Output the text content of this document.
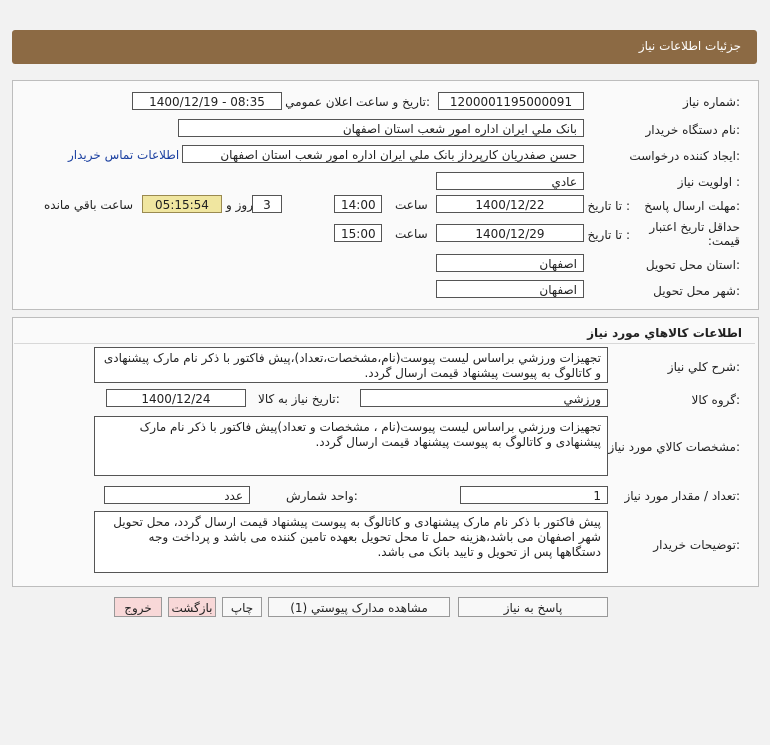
جزئيات اطلاعات نياز
شماره نياز:
1200001195000091
تاريخ و ساعت اعلان عمومي:
1400/12/19 - 08:35
نام دستگاه خريدار:
بانک ملي ايران اداره امور شعب استان اصفهان
ايجاد کننده درخواست:
حسن صفدريان کارپرداز بانک ملي ايران اداره امور شعب استان اصفهان
اطلاعات تماس خريدار
اولويت نياز :
عادي
مهلت ارسال پاسخ:
تا تاريخ :
1400/12/22
ساعت
14:00
3
روز و
05:15:54
ساعت باقي مانده
حداقل تاريخ اعتبار قيمت:
تا تاريخ :
1400/12/29
ساعت
15:00
استان محل تحويل:
اصفهان
شهر محل تحويل:
اصفهان
اطلاعات کالاهاي مورد نياز
شرح کلي نياز:
تجهيزات ورزشي براساس ليست پيوست(نام،مشخصات،تعداد)،پيش فاکتور با ذکر نام مارک پيشنهادی و کاتالوگ به پيوست پيشنهاد قيمت ارسال گردد.
گروه کالا:
ورزشي
تاريخ نياز به کالا:
1400/12/24
مشخصات کالاي مورد نياز:
تجهيزات ورزشي براساس ليست پيوست(نام ، مشخصات و تعداد)پيش فاکتور با ذکر نام مارک پيشنهادی و کاتالوگ به پيوست پيشنهاد قيمت ارسال گردد.
تعداد / مقدار مورد نياز:
1
واحد شمارش:
عدد
توضيحات خريدار:
پيش فاکتور با ذکر نام مارک پيشنهادی و کاتالوگ به پيوست پيشنهاد قيمت ارسال گردد، محل تحويل شهر اصفهان می باشد،هزينه حمل تا محل تحويل بعهده تامين کننده می باشد و پرداخت وجه دستگاهها پس از تحويل و تاييد بانک می باشد.
پاسخ به نياز
مشاهده مدارک پيوستي (1)
چاپ
بازگشت
خروج
